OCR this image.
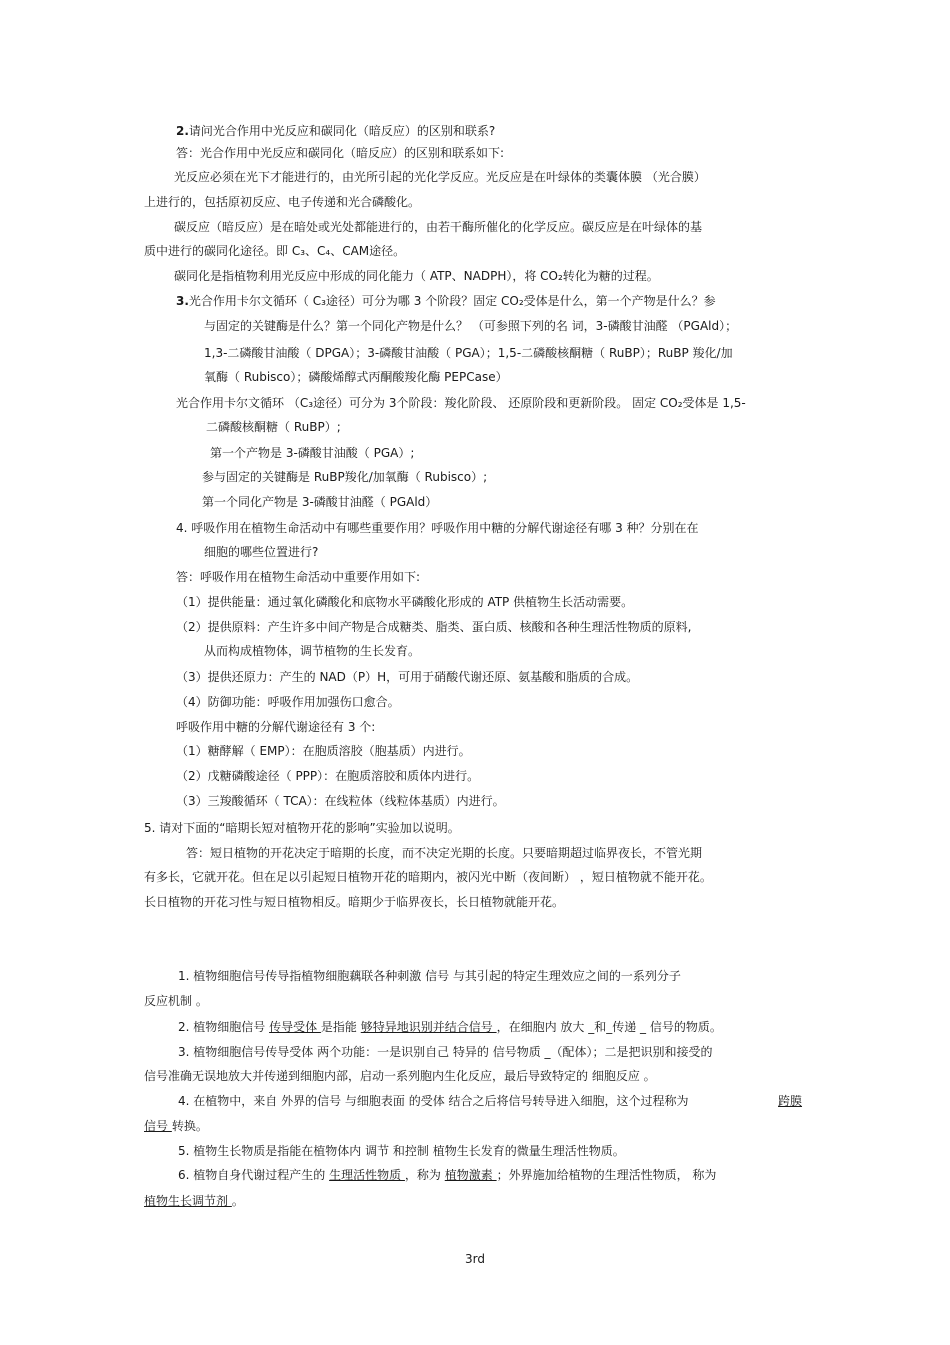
2.请问光合作用中光反应和碳同化（暗反应）的区别和联系?
答：光合作用中光反应和碳同化（暗反应）的区别和联系如下:
光反应必须在光下才能进行的，由光所引起的光化学反应。光反应是在叶绿体的类囊体膜 （光合膜）
上进行的，包括原初反应、电子传递和光合磷酸化。
碳反应（暗反应）是在暗处或光处都能进行的，由若干酶所催化的化学反应。碳反应是在叶绿体的基
质中进行的碳同化途径。即 C₃、C₄、CAM途径。
碳同化是指植物利用光反应中形成的同化能力（ ATP、NADPH），将 CO₂转化为糖的过程。
3.光合作用卡尔文循环（ C₃途径）可分为哪 3 个阶段？固定 CO₂受体是什么，第一个产物是什么？参
与固定的关键酶是什么？第一个同化产物是什么？ （可参照下列的名 词，3-磷酸甘油醛 （PGAld）；
1,3-二磷酸甘油酸（ DPGA）；3-磷酸甘油酸（ PGA）；1,5-二磷酸核酮糖（ RuBP）；RuBP 羧化/加
氧酶（ Rubisco）；磷酸烯醇式丙酮酸羧化酶 PEPCase）
光合作用卡尔文循环 （C₃途径）可分为 3个阶段：羧化阶段、 还原阶段和更新阶段。 固定 CO₂受体是 1,5-
二磷酸核酮糖（ RuBP）;
第一个产物是 3-磷酸甘油酸（ PGA）;
参与固定的关键酶是 RuBP羧化/加氧酶（ Rubisco）;
第一个同化产物是 3-磷酸甘油醛（ PGAld）
4. 呼吸作用在植物生命活动中有哪些重要作用？呼吸作用中糖的分解代谢途径有哪 3 种？分别在在
细胞的哪些位置进行?
答：呼吸作用在植物生命活动中重要作用如下:
（1）提供能量：通过氧化磷酸化和底物水平磷酸化形成的 ATP 供植物生长活动需要。
（2）提供原料：产生许多中间产物是合成糖类、脂类、蛋白质、核酸和各种生理活性物质的原料,
从而构成植物体，调节植物的生长发育。
（3）提供还原力：产生的 NAD（P）H，可用于硝酸代谢还原、氨基酸和脂质的合成。
（4）防御功能：呼吸作用加强伤口愈合。
呼吸作用中糖的分解代谢途径有 3 个:
（1）糖酵解（ EMP）：在胞质溶胶（胞基质）内进行。
（2）戊糖磷酸途径（ PPP）：在胞质溶胶和质体内进行。
（3）三羧酸循环（ TCA）：在线粒体（线粒体基质）内进行。
5. 请对下面的“暗期长短对植物开花的影响”实验加以说明。
答：短日植物的开花决定于暗期的长度，而不决定光期的长度。只要暗期超过临界夜长，不管光期
有多长，它就开花。但在足以引起短日植物开花的暗期内，被闪光中断（夜间断） ，短日植物就不能开花。
长日植物的开花习性与短日植物相反。暗期少于临界夜长，长日植物就能开花。
1. 植物细胞信号传导指植物细胞藕联各种刺激 信号 与其引起的特定生理效应之间的一系列分子
反应机制 。
2. 植物细胞信号 传导受体 是指能 够特异地识别并结合信号 ，在细胞内 放大 _和_传递 _ 信号的物质。
3. 植物细胞信号传导受体 两个功能：一是识别自己 特异的 信号物质 _（配体）；二是把识别和接受的
信号准确无误地放大并传递到细胞内部，启动一系列胞内生化反应，最后导致特定的 细胞反应 。
4. 在植物中，来自 外界的信号 与细胞表面 的受体 结合之后将信号转导进入细胞，这个过程称为	跨膜
信号 转换。
5. 植物生长物质是指能在植物体内 调节 和控制 植物生长发育的微量生理活性物质。
6. 植物自身代谢过程产生的 生理活性物质 ，称为 植物激素 ；外界施加给植物的生理活性物质， 称为
植物生长调节剂 。
3rd
